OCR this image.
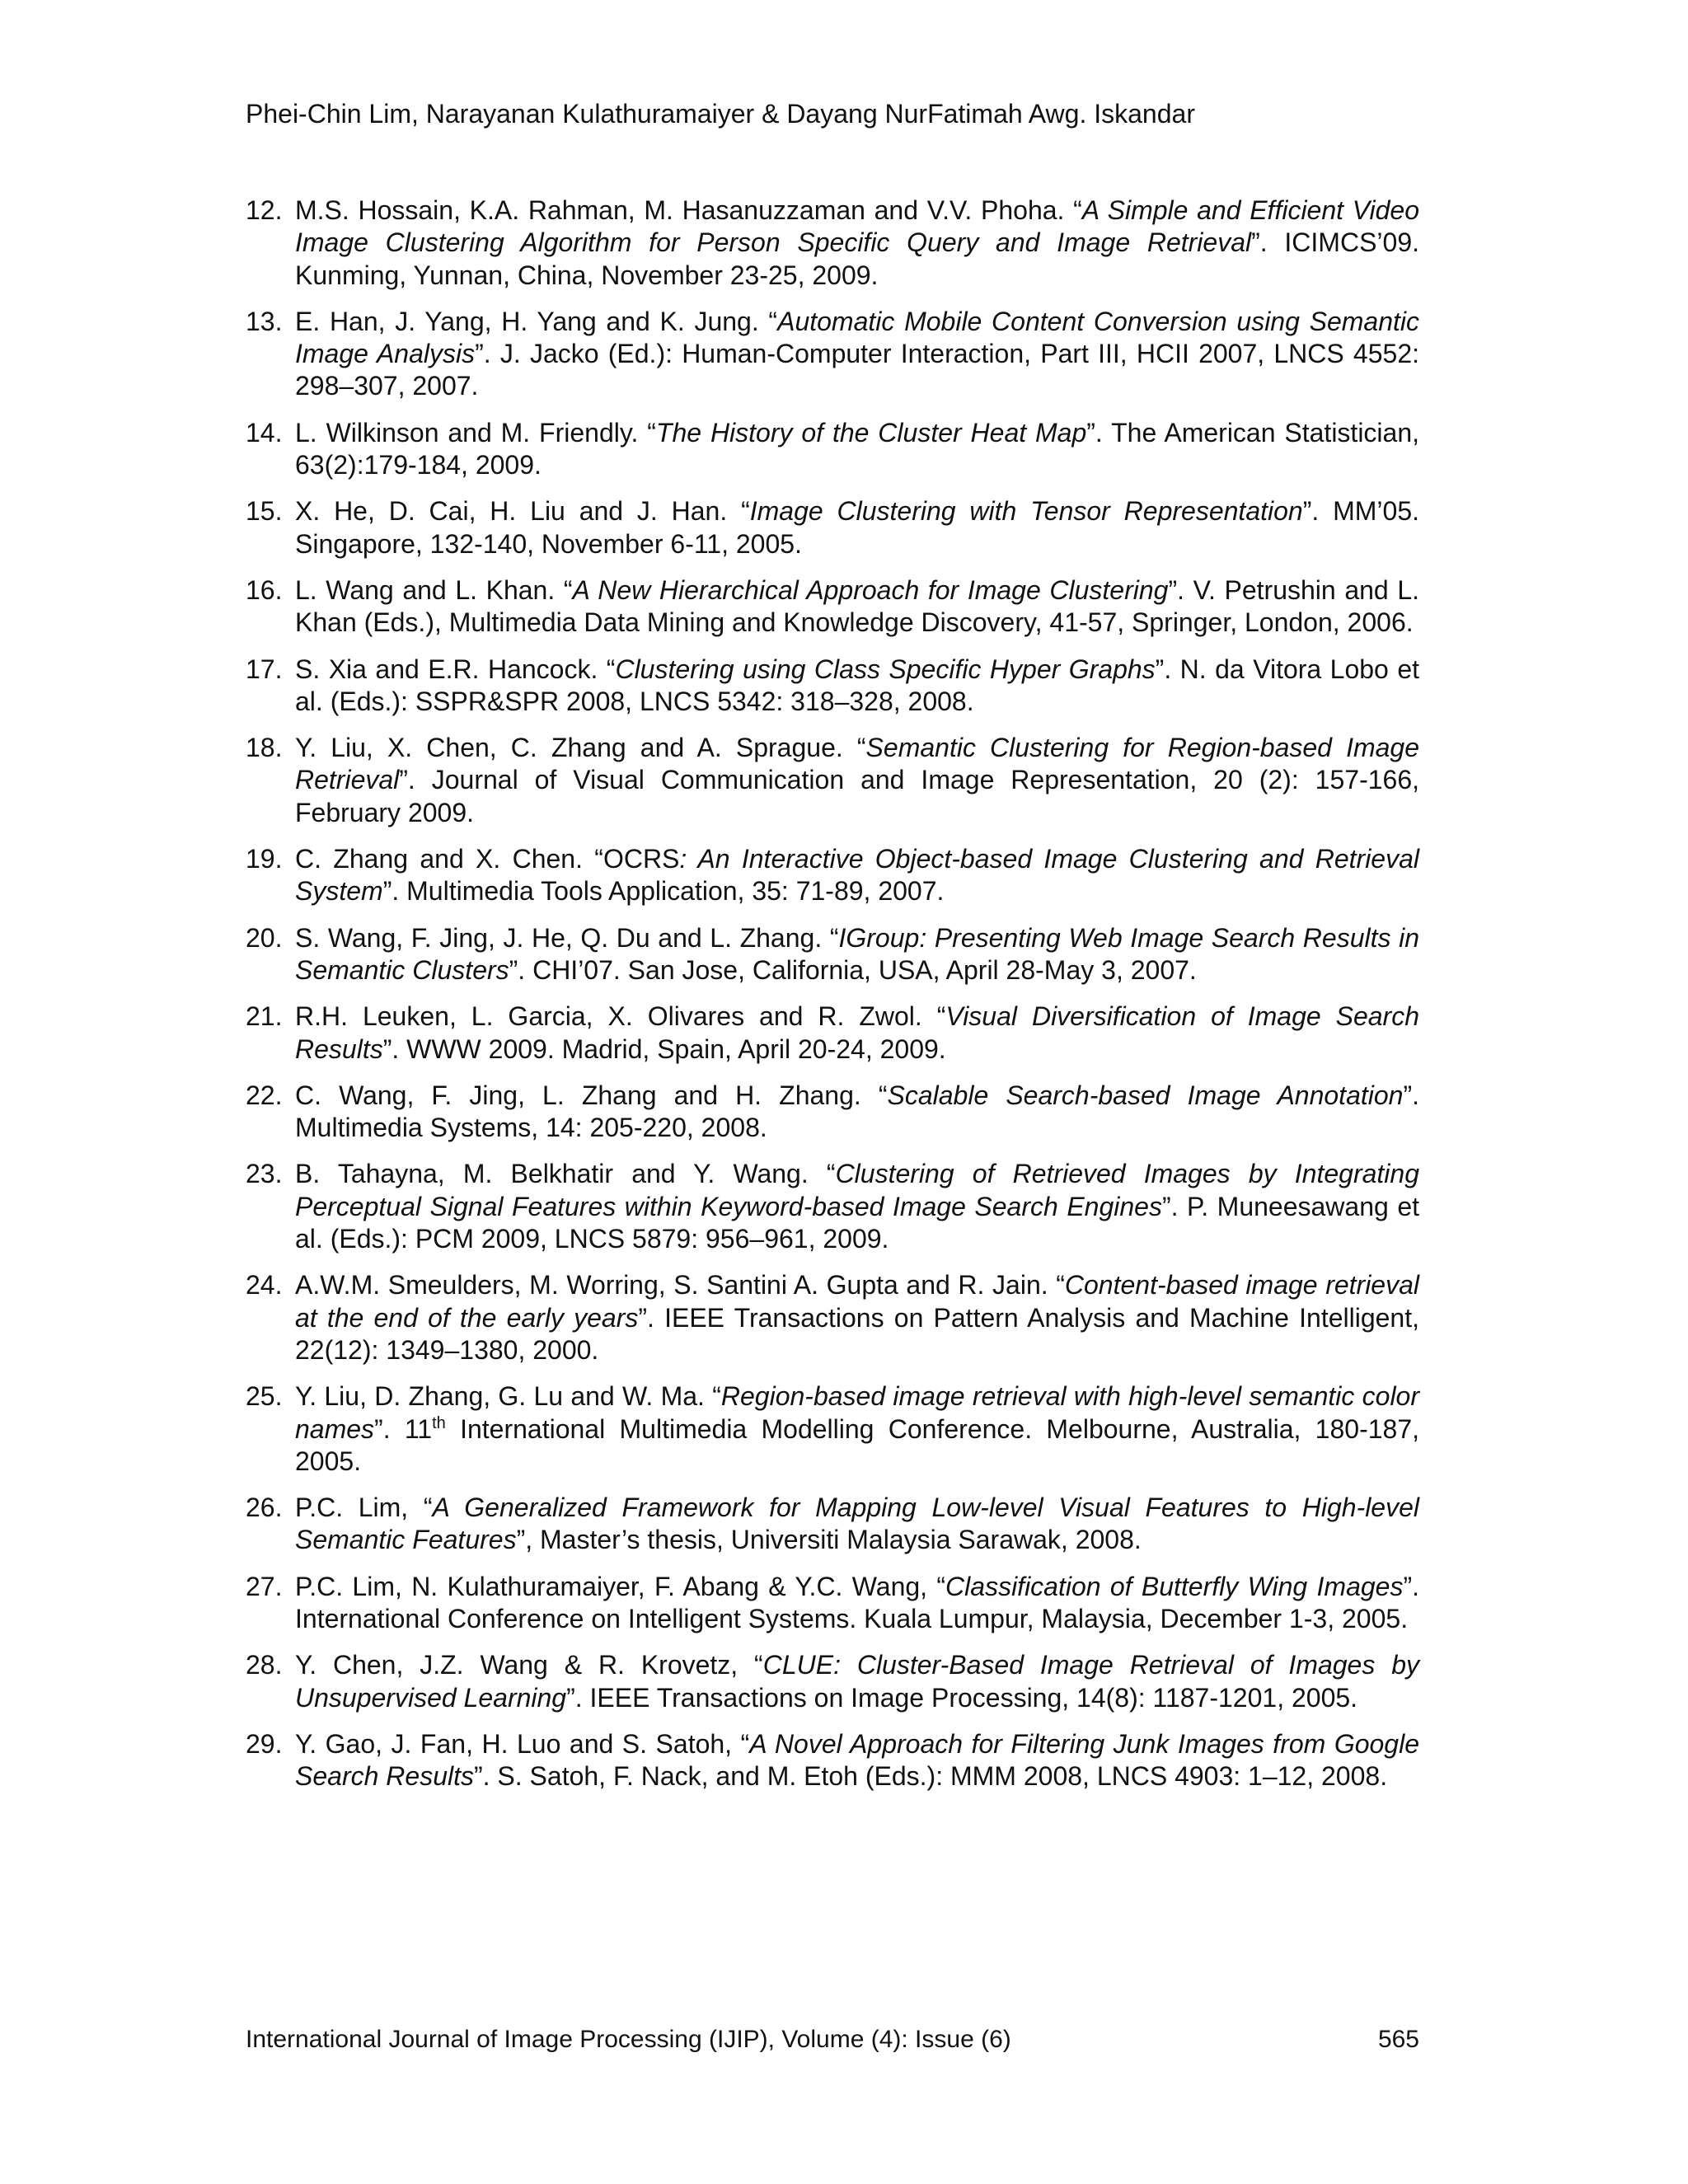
Phei-Chin Lim, Narayanan Kulathuramaiyer & Dayang NurFatimah Awg. Iskandar
12. M.S. Hossain, K.A. Rahman, M. Hasanuzzaman and V.V. Phoha. “A Simple and Efficient Video Image Clustering Algorithm for Person Specific Query and Image Retrieval”. ICIMCS’09. Kunming, Yunnan, China, November 23-25, 2009.
13. E. Han, J. Yang, H. Yang and K. Jung. “Automatic Mobile Content Conversion using Semantic Image Analysis”. J. Jacko (Ed.): Human-Computer Interaction, Part III, HCII 2007, LNCS 4552: 298–307, 2007.
14. L. Wilkinson and M. Friendly. “The History of the Cluster Heat Map”. The American Statistician, 63(2):179-184, 2009.
15. X. He, D. Cai, H. Liu and J. Han. “Image Clustering with Tensor Representation”. MM’05. Singapore, 132-140, November 6-11, 2005.
16. L. Wang and L. Khan. “A New Hierarchical Approach for Image Clustering”. V. Petrushin and L. Khan (Eds.), Multimedia Data Mining and Knowledge Discovery, 41-57, Springer, London, 2006.
17. S. Xia and E.R. Hancock. “Clustering using Class Specific Hyper Graphs”. N. da Vitora Lobo et al. (Eds.): SSPR&SPR 2008, LNCS 5342: 318–328, 2008.
18. Y. Liu, X. Chen, C. Zhang and A. Sprague. “Semantic Clustering for Region-based Image Retrieval”. Journal of Visual Communication and Image Representation, 20 (2): 157-166, February 2009.
19. C. Zhang and X. Chen. “OCRS: An Interactive Object-based Image Clustering and Retrieval System”. Multimedia Tools Application, 35: 71-89, 2007.
20. S. Wang, F. Jing, J. He, Q. Du and L. Zhang. “IGroup: Presenting Web Image Search Results in Semantic Clusters”. CHI’07. San Jose, California, USA, April 28-May 3, 2007.
21. R.H. Leuken, L. Garcia, X. Olivares and R. Zwol. “Visual Diversification of Image Search Results”. WWW 2009. Madrid, Spain, April 20-24, 2009.
22. C. Wang, F. Jing, L. Zhang and H. Zhang. “Scalable Search-based Image Annotation”. Multimedia Systems, 14: 205-220, 2008.
23. B. Tahayna, M. Belkhatir and Y. Wang. “Clustering of Retrieved Images by Integrating Perceptual Signal Features within Keyword-based Image Search Engines”. P. Muneesawang et al. (Eds.): PCM 2009, LNCS 5879: 956–961, 2009.
24. A.W.M. Smeulders, M. Worring, S. Santini A. Gupta and R. Jain. “Content-based image retrieval at the end of the early years”. IEEE Transactions on Pattern Analysis and Machine Intelligent, 22(12): 1349–1380, 2000.
25. Y. Liu, D. Zhang, G. Lu and W. Ma. “Region-based image retrieval with high-level semantic color names”. 11th International Multimedia Modelling Conference. Melbourne, Australia, 180-187, 2005.
26. P.C. Lim, “A Generalized Framework for Mapping Low-level Visual Features to High-level Semantic Features”, Master’s thesis, Universiti Malaysia Sarawak, 2008.
27. P.C. Lim, N. Kulathuramaiyer, F. Abang & Y.C. Wang, “Classification of Butterfly Wing Images”. International Conference on Intelligent Systems. Kuala Lumpur, Malaysia, December 1-3, 2005.
28. Y. Chen, J.Z. Wang & R. Krovetz, “CLUE: Cluster-Based Image Retrieval of Images by Unsupervised Learning”. IEEE Transactions on Image Processing, 14(8): 1187-1201, 2005.
29. Y. Gao, J. Fan, H. Luo and S. Satoh, “A Novel Approach for Filtering Junk Images from Google Search Results”. S. Satoh, F. Nack, and M. Etoh (Eds.): MMM 2008, LNCS 4903: 1–12, 2008.
International Journal of Image Processing (IJIP), Volume (4): Issue (6)	565
